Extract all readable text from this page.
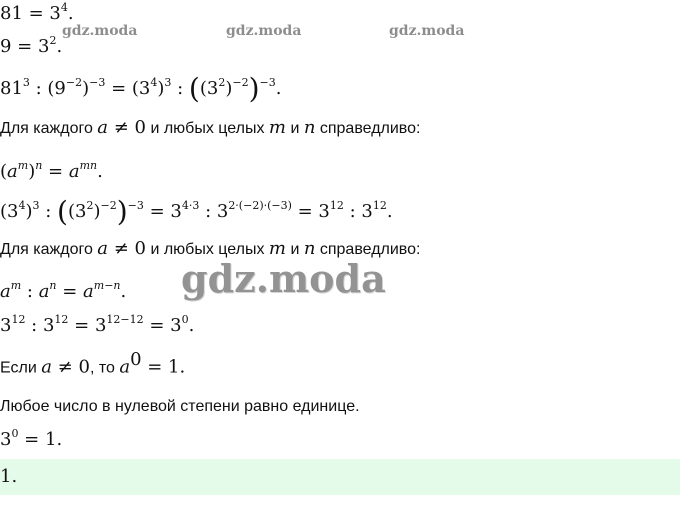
gdz.moda	gdz.moda	gdz.moda
$81 = 3^4$.
$9 = 3^2$.
$81^3$ : $(9^{-2})^{-3} = (3^4)^3$ : $((3^2)^{-2})^{-3}$.
Для каждого a ≠ 0 и любых целых m и n справедливо:
$(a^m)^n = a^{mn}$.
$(3^4)^3$ : $((3^2)^{-2})^{-3} = 3^{4\cdot 3}$ : $3^{2\cdot(-2)\cdot(-3)} = 3^{12}$ : $3^{12}$.
Для каждого a ≠ 0 и любых целых m и n справедливо:
gdz.moda
$a^m$ : $a^n = a^{m-n}$.
$3^{12}$ : $3^{12} = 3^{12-12} = 3^0$.
Если a ≠ 0, то $a^0 = 1$.
Любое число в нулевой степени равно единице.
$3^0 = 1$.
1.
